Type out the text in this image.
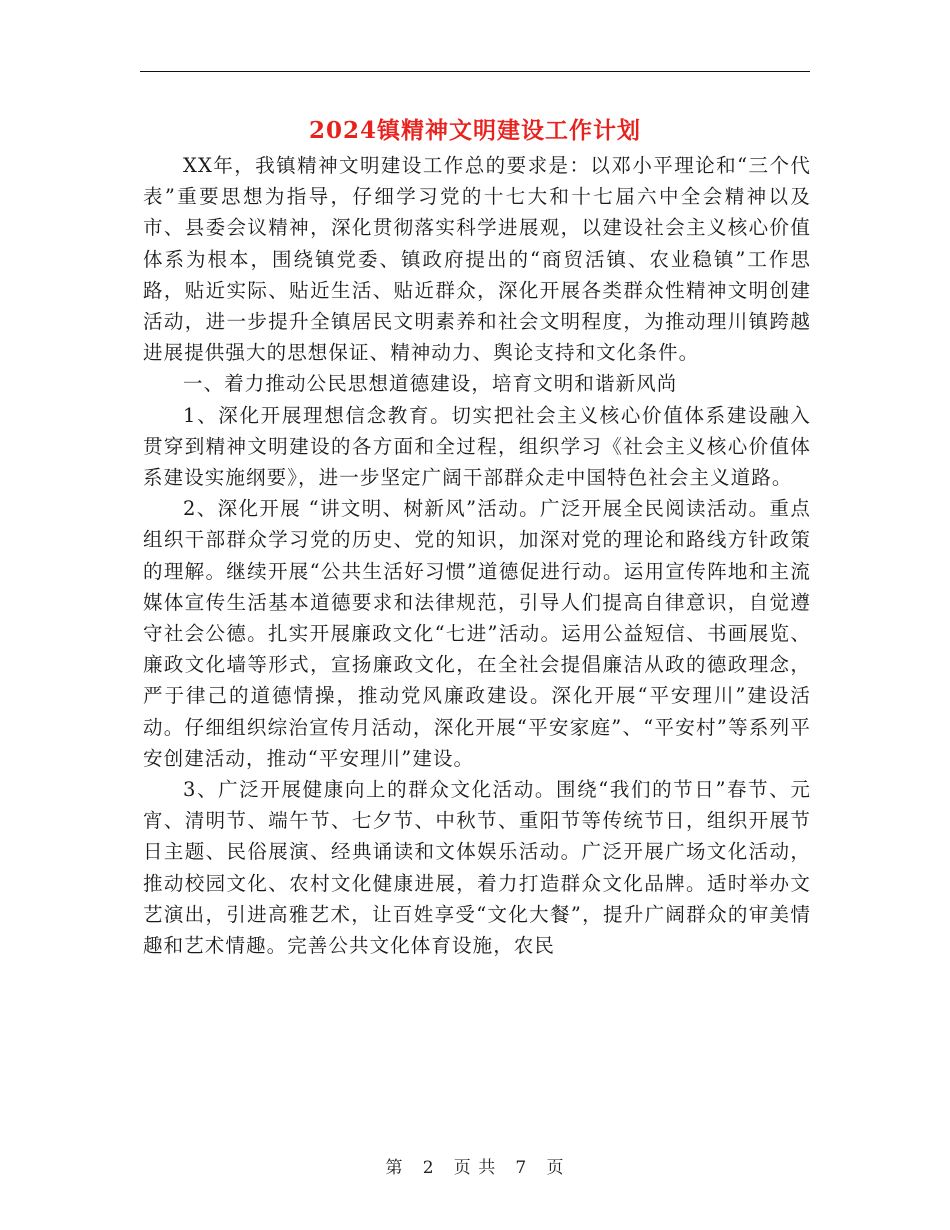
2024镇精神文明建设工作计划

XX年，我镇精神文明建设工作总的要求是：以邓小平理论和“三个代表”重要思想为指导，仔细学习党的十七大和十七届六中全会精神以及市、县委会议精神，深化贯彻落实科学进展观，以建设社会主义核心价值体系为根本，围绕镇党委、镇政府提出的“商贸活镇、农业稳镇”工作思路，贴近实际、贴近生活、贴近群众，深化开展各类群众性精神文明创建活动，进一步提升全镇居民文明素养和社会文明程度，为推动理川镇跨越进展提供强大的思想保证、精神动力、舆论支持和文化条件。

一、着力推动公民思想道德建设，培育文明和谐新风尚

1、深化开展理想信念教育。切实把社会主义核心价值体系建设融入贯穿到精神文明建设的各方面和全过程，组织学习《社会主义核心价值体系建设实施纲要》，进一步坚定广阔干部群众走中国特色社会主义道路。

2、深化开展 “讲文明、树新风”活动。广泛开展全民阅读活动。重点组织干部群众学习党的历史、党的知识，加深对党的理论和路线方针政策的理解。继续开展“公共生活好习惯”道德促进行动。运用宣传阵地和主流媒体宣传生活基本道德要求和法律规范，引导人们提高自律意识，自觉遵守社会公德。扎实开展廉政文化“七进”活动。运用公益短信、书画展览、廉政文化墙等形式，宣扬廉政文化，在全社会提倡廉洁从政的德政理念，严于律己的道德情操，推动党风廉政建设。深化开展“平安理川”建设活动。仔细组织综治宣传月活动，深化开展“平安家庭”、“平安村”等系列平安创建活动，推动“平安理川”建设。

3、广泛开展健康向上的群众文化活动。围绕“我们的节日”春节、元宵、清明节、端午节、七夕节、中秋节、重阳节等传统节日，组织开展节日主题、民俗展演、经典诵读和文体娱乐活动。广泛开展广场文化活动，推动校园文化、农村文化健康进展，着力打造群众文化品牌。适时举办文艺演出，引进高雅艺术，让百姓享受“文化大餐”，提升广阔群众的审美情趣和艺术情趣。完善公共文化体育设施，农民

第 2 页 共 7 页
